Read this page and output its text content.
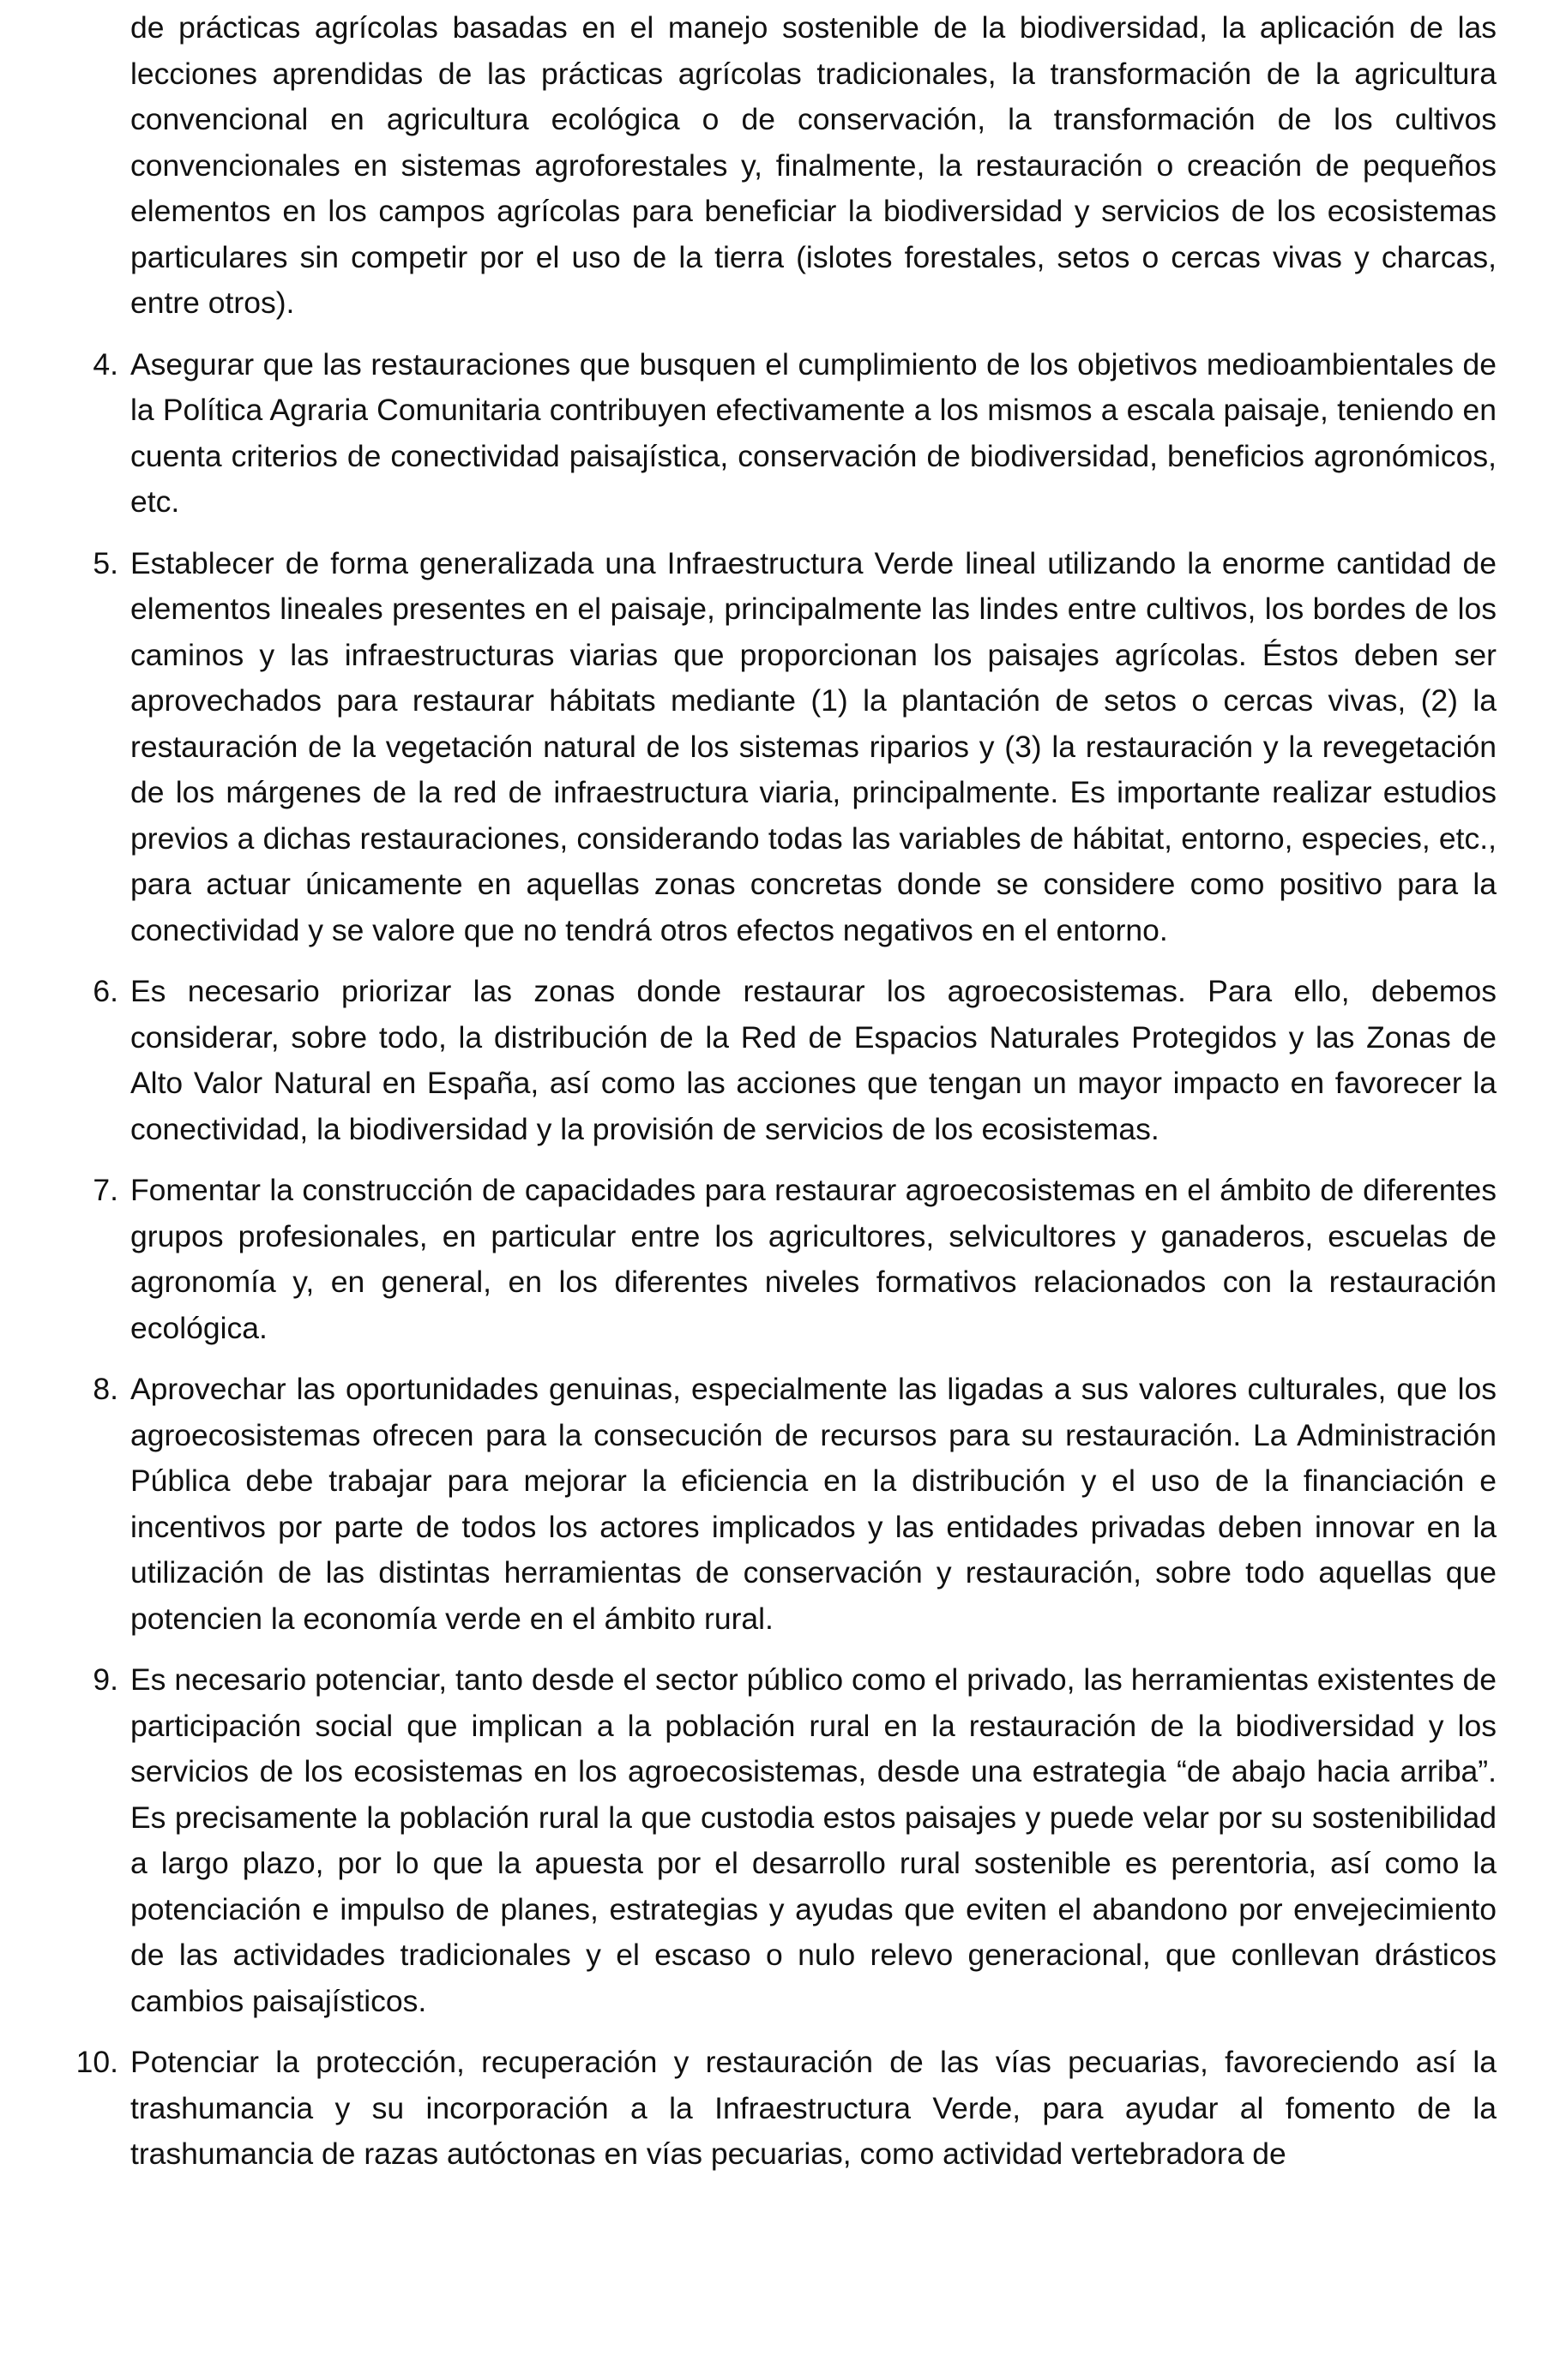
de prácticas agrícolas basadas en el manejo sostenible de la biodiversidad, la aplicación de las lecciones aprendidas de las prácticas agrícolas tradicionales, la transformación de la agricultura convencional en agricultura ecológica o de conservación, la transformación de los cultivos convencionales en sistemas agroforestales y, finalmente, la restauración o creación de pequeños elementos en los campos agrícolas para beneficiar la biodiversidad y servicios de los ecosistemas particulares sin competir por el uso de la tierra (islotes forestales, setos o cercas vivas y charcas, entre otros).

4. Asegurar que las restauraciones que busquen el cumplimiento de los objetivos medioambientales de la Política Agraria Comunitaria contribuyen efectivamente a los mismos a escala paisaje, teniendo en cuenta criterios de conectividad paisajística, conservación de biodiversidad, beneficios agronómicos, etc.

5. Establecer de forma generalizada una Infraestructura Verde lineal utilizando la enorme cantidad de elementos lineales presentes en el paisaje, principalmente las lindes entre cultivos, los bordes de los caminos y las infraestructuras viarias que proporcionan los paisajes agrícolas. Éstos deben ser aprovechados para restaurar hábitats mediante (1) la plantación de setos o cercas vivas, (2) la restauración de la vegetación natural de los sistemas riparios y (3) la restauración y la revegetación de los márgenes de la red de infraestructura viaria, principalmente. Es importante realizar estudios previos a dichas restauraciones, considerando todas las variables de hábitat, entorno, especies, etc., para actuar únicamente en aquellas zonas concretas donde se considere como positivo para la conectividad y se valore que no tendrá otros efectos negativos en el entorno.

6. Es necesario priorizar las zonas donde restaurar los agroecosistemas. Para ello, debemos considerar, sobre todo, la distribución de la Red de Espacios Naturales Protegidos y las Zonas de Alto Valor Natural en España, así como las acciones que tengan un mayor impacto en favorecer la conectividad, la biodiversidad y la provisión de servicios de los ecosistemas.

7. Fomentar la construcción de capacidades para restaurar agroecosistemas en el ámbito de diferentes grupos profesionales, en particular entre los agricultores, selvicultores y ganaderos, escuelas de agronomía y, en general, en los diferentes niveles formativos relacionados con la restauración ecológica.

8. Aprovechar las oportunidades genuinas, especialmente las ligadas a sus valores culturales, que los agroecosistemas ofrecen para la consecución de recursos para su restauración. La Administración Pública debe trabajar para mejorar la eficiencia en la distribución y el uso de la financiación e incentivos por parte de todos los actores implicados y las entidades privadas deben innovar en la utilización de las distintas herramientas de conservación y restauración, sobre todo aquellas que potencien la economía verde en el ámbito rural.

9. Es necesario potenciar, tanto desde el sector público como el privado, las herramientas existentes de participación social que implican a la población rural en la restauración de la biodiversidad y los servicios de los ecosistemas en los agroecosistemas, desde una estrategia “de abajo hacia arriba”. Es precisamente la población rural la que custodia estos paisajes y puede velar por su sostenibilidad a largo plazo, por lo que la apuesta por el desarrollo rural sostenible es perentoria, así como la potenciación e impulso de planes, estrategias y ayudas que eviten el abandono por envejecimiento de las actividades tradicionales y el escaso o nulo relevo generacional, que conllevan drásticos cambios paisajísticos.

10. Potenciar la protección, recuperación y restauración de las vías pecuarias, favoreciendo así la trashumancia y su incorporación a la Infraestructura Verde, para ayudar al fomento de la trashumancia de razas autóctonas en vías pecuarias, como actividad vertebradora de
